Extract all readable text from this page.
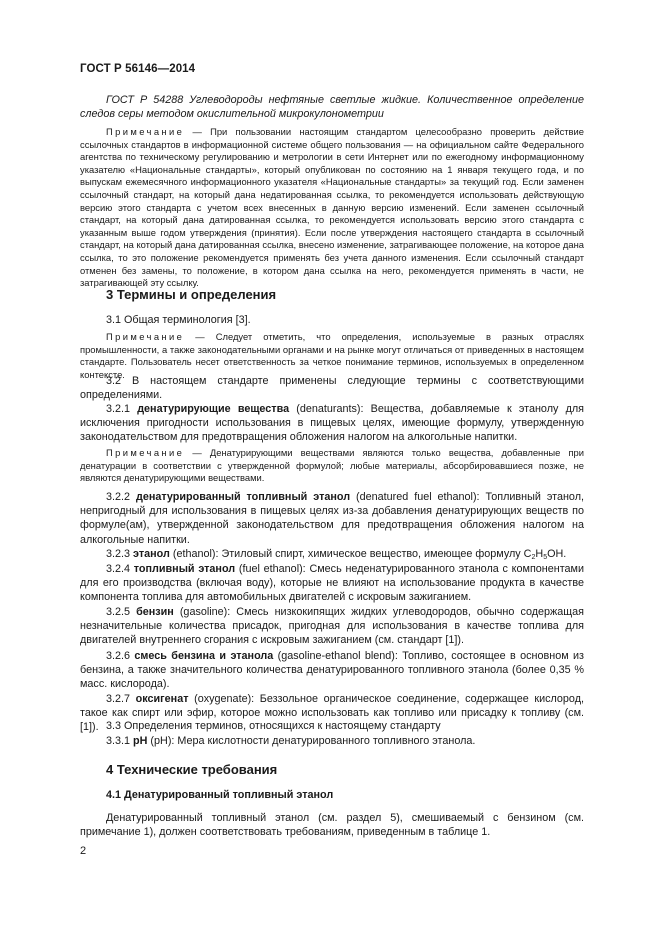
ГОСТ Р 56146—2014

ГОСТ Р 54288 Углеводороды нефтяные светлые жидкие. Количественное определение следов серы методом окислительной микрокулонометрии

Примечание — При пользовании настоящим стандартом целесообразно проверить действие ссылочных стандартов в информационной системе общего пользования — на официальном сайте Федерального агентства по техническому регулированию и метрологии в сети Интернет или по ежегодному информационному указателю «Национальные стандарты», который опубликован по состоянию на 1 января текущего года, и по выпускам ежемесячного информационного указателя «Национальные стандарты» за текущий год. Если заменен ссылочный стандарт, на который дана недатированная ссылка, то рекомендуется использовать действующую версию этого стандарта с учетом всех внесенных в данную версию изменений. Если заменен ссылочный стандарт, на который дана датированная ссылка, то рекомендуется использовать версию этого стандарта с указанным выше годом утверждения (принятия). Если после утверждения настоящего стандарта в ссылочный стандарт, на который дана датированная ссылка, внесено изменение, затрагивающее положение, на которое дана ссылка, то это положение рекомендуется применять без учета данного изменения. Если ссылочный стандарт отменен без замены, то положение, в котором дана ссылка на него, рекомендуется применять в части, не затрагивающей эту ссылку.

3 Термины и определения

3.1 Общая терминология [3].

Примечание — Следует отметить, что определения, используемые в разных отраслях промышленности, а также законодательными органами и на рынке могут отличаться от приведенных в настоящем стандарте. Пользователь несет ответственность за четкое понимание терминов, используемых в определенном контексте.

3.2 В настоящем стандарте применены следующие термины с соответствующими определениями.

3.2.1 денатурирующие вещества (denaturants): Вещества, добавляемые к этанолу для исключения пригодности использования в пищевых целях, имеющие формулу, утвержденную законодательством для предотвращения обложения налогом на алкогольные напитки.

Примечание — Денатурирующими веществами являются только вещества, добавленные при денатурации в соответствии с утвержденной формулой; любые материалы, абсорбировавшиеся позже, не являются денатурирующими веществами.

3.2.2 денатурированный топливный этанол (denatured fuel ethanol): Топливный этанол, непригодный для использования в пищевых целях из-за добавления денатурирующих веществ по формуле(ам), утвержденной законодательством для предотвращения обложения налогом на алкогольные напитки.

3.2.3 этанол (ethanol): Этиловый спирт, химическое вещество, имеющее формулу $C_2H_5OH$.

3.2.4 топливный этанол (fuel ethanol): Смесь неденатурированного этанола с компонентами для его производства (включая воду), которые не влияют на использование продукта в качестве компонента топлива для автомобильных двигателей с искровым зажиганием.

3.2.5 бензин (gasoline): Смесь низкокипящих жидких углеводородов, обычно содержащая незначительные количества присадок, пригодная для использования в качестве топлива для двигателей внутреннего сгорания с искровым зажиганием (см. стандарт [1]).

3.2.6 смесь бензина и этанола (gasoline-ethanol blend): Топливо, состоящее в основном из бензина, а также значительного количества денатурированного топливного этанола (более 0,35 % масс. кислорода).

3.2.7 оксигенат (oxygenate): Беззольное органическое соединение, содержащее кислород, такое как спирт или эфир, которое можно использовать как топливо или присадку к топливу (см. [1]). 3.3 Определения терминов, относящихся к настоящему стандарту

3.3.1 pH (pH): Мера кислотности денатурированного топливного этанола.

4 Технические требования
4.1 Денатурированный топливный этанол

Денатурированный топливный этанол (см. раздел 5), смешиваемый с бензином (см. примечание 1), должен соответствовать требованиям, приведенным в таблице 1.

2
